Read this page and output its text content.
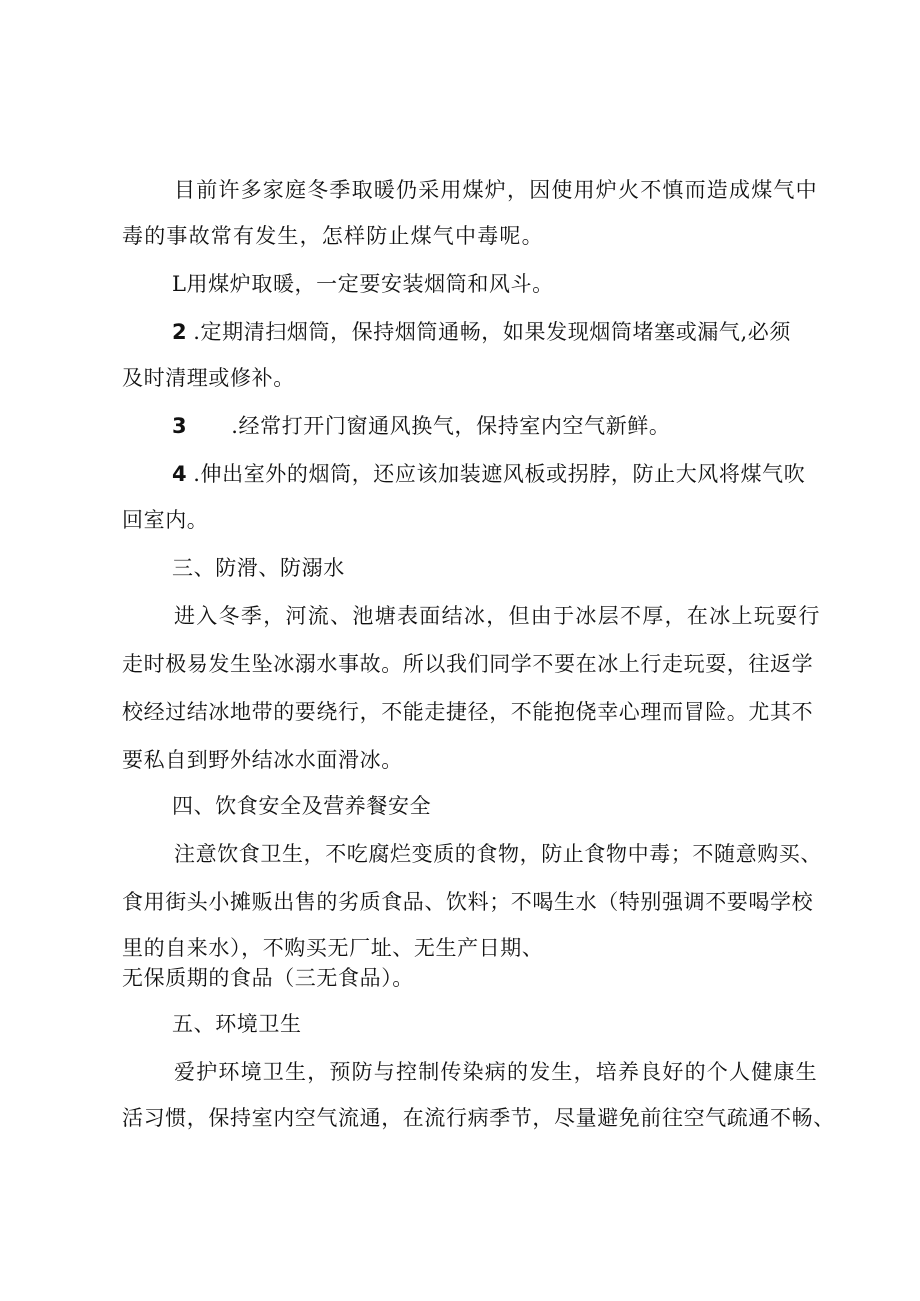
目前许多家庭冬季取暖仍采用煤炉，因使用炉火不慎而造成煤气中
毒的事故常有发生，怎样防止煤气中毒呢。
L用煤炉取暖，一定要安装烟筒和风斗。
2 .定期清扫烟筒，保持烟筒通畅，如果发现烟筒堵塞或漏气,必须
及时清理或修补。
3 .经常打开门窗通风换气，保持室内空气新鲜。
4 .伸出室外的烟筒，还应该加装遮风板或拐脖，防止大风将煤气吹
回室内。
三、防滑、防溺水
进入冬季，河流、池塘表面结冰，但由于冰层不厚，在冰上玩耍行
走时极易发生坠冰溺水事故。所以我们同学不要在冰上行走玩耍，往返学
校经过结冰地带的要绕行，不能走捷径，不能抱侥幸心理而冒险。尤其不
要私自到野外结冰水面滑冰。
四、饮食安全及营养餐安全
注意饮食卫生，不吃腐烂变质的食物，防止食物中毒；不随意购买、
食用街头小摊贩出售的劣质食品、饮料；不喝生水（特别强调不要喝学校
里的自来水），不购买无厂址、无生产日期、
无保质期的食品（三无食品）。
五、环境卫生
爱护环境卫生，预防与控制传染病的发生，培养良好的个人健康生
活习惯，保持室内空气流通，在流行病季节，尽量避免前往空气疏通不畅、
